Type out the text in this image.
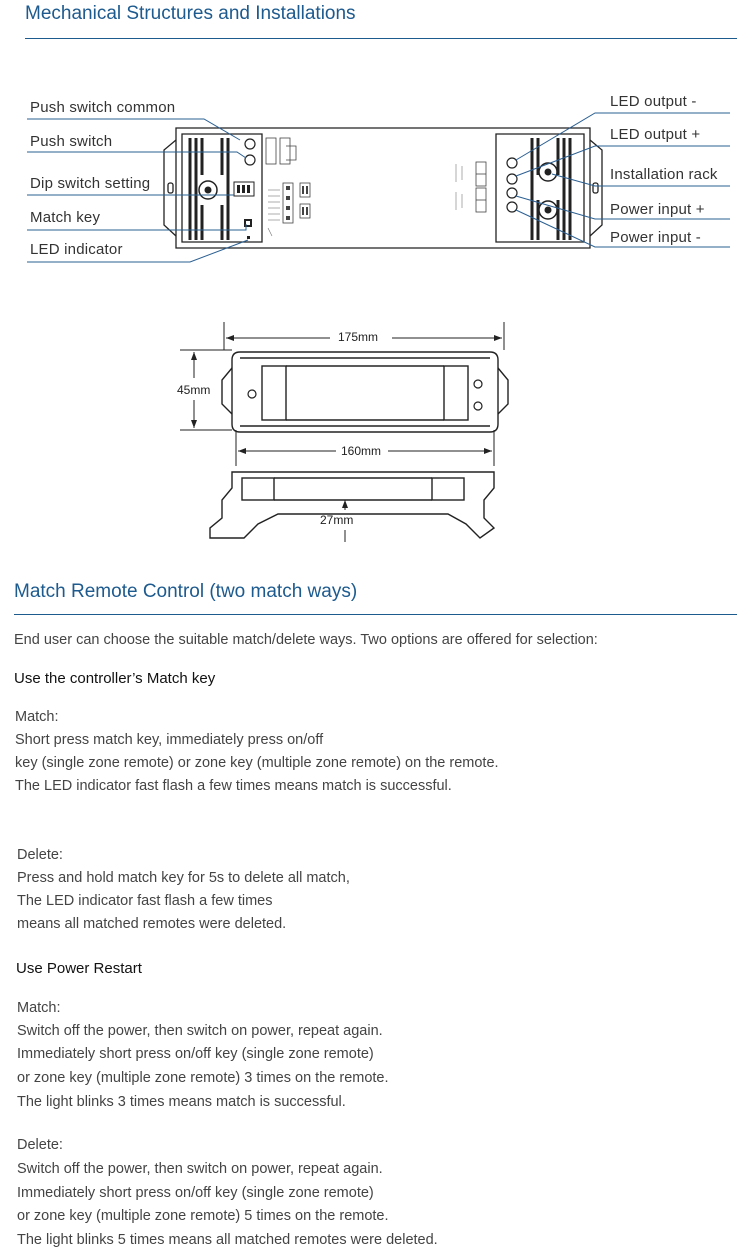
Mechanical Structures and Installations
Push switch common
Push switch
Dip switch setting
Match key
LED indicator
LED output -
LED output +
Installation rack
Power input +
Power input -
175mm
45mm
160mm
27mm
Match Remote Control (two match ways)
End user can choose the suitable match/delete ways. Two options are offered for selection:
Use the controller’s Match key
Match:
Short press match key, immediately press on/off
key (single zone remote) or zone key (multiple zone remote) on the remote.
The LED indicator fast flash a few times means match is successful.
Delete:
Press and hold match key for 5s to delete all match,
The LED indicator fast flash a few times
means all matched remotes were deleted.
Use Power Restart
Match:
Switch off the power, then switch on power, repeat again.
Immediately short press on/off key (single zone remote)
or zone key (multiple zone remote) 3 times on the remote.
The light blinks 3 times means match is successful.
Delete:
Switch off the power, then switch on power, repeat again.
Immediately short press on/off key (single zone remote)
or zone key (multiple zone remote) 5 times on the remote.
The light blinks 5 times means all matched remotes were deleted.
